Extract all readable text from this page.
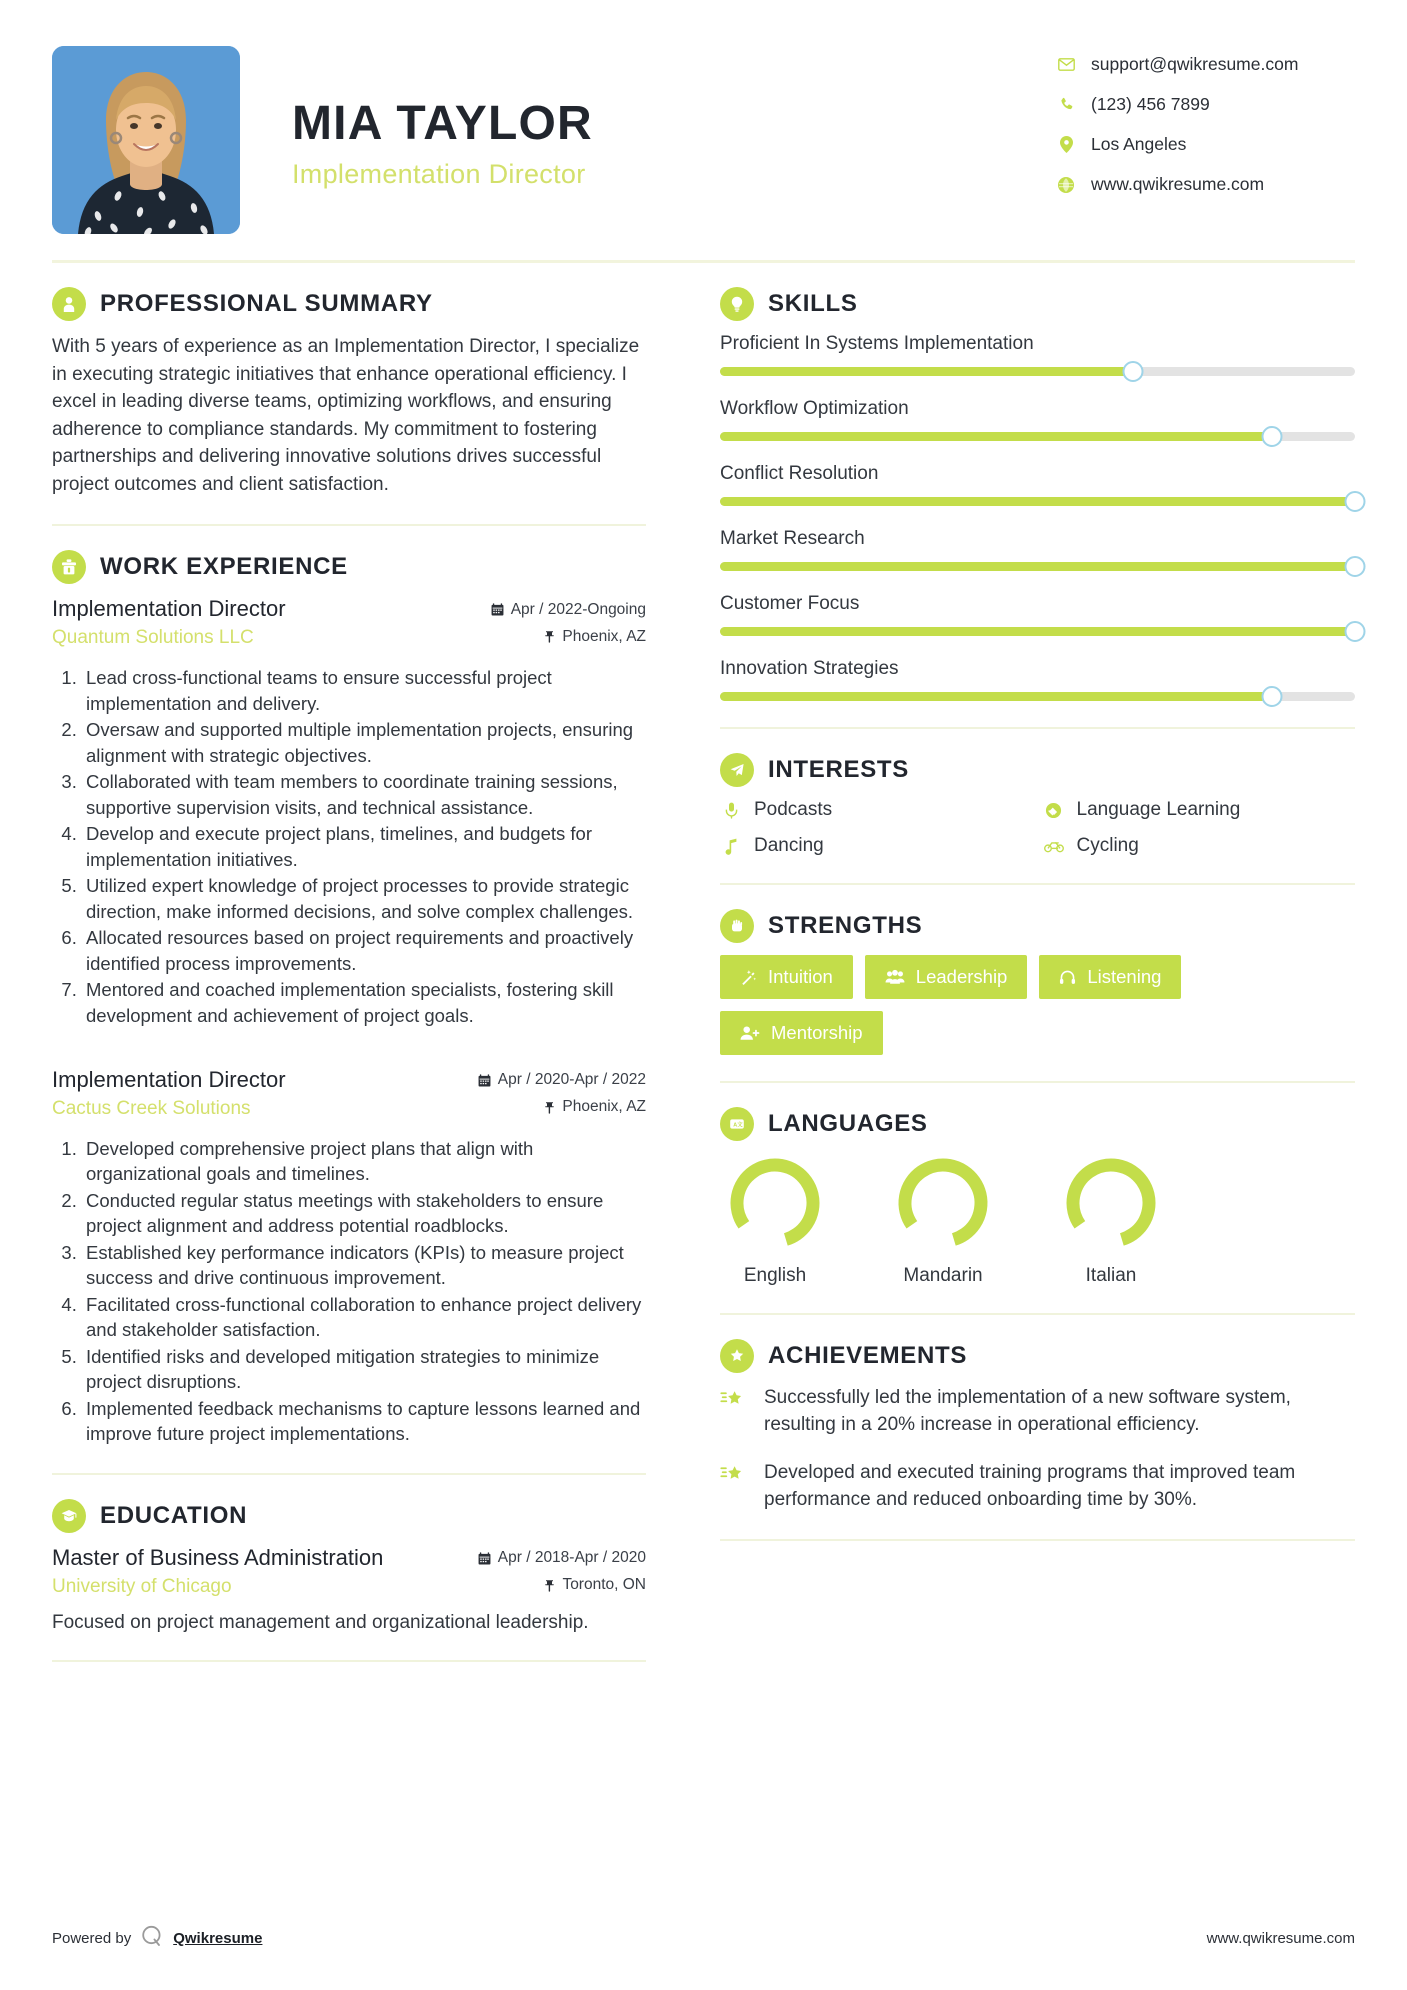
MIA TAYLOR
Implementation Director
support@qwikresume.com
(123) 456 7899
Los Angeles
www.qwikresume.com
PROFESSIONAL SUMMARY

With 5 years of experience as an Implementation Director, I specialize in executing strategic initiatives that enhance operational efficiency. I excel in leading diverse teams, optimizing workflows, and ensuring adherence to compliance standards. My commitment to fostering partnerships and delivering innovative solutions drives successful project outcomes and client satisfaction.

WORK EXPERIENCE
Implementation Director	Apr / 2022-Ongoing
Quantum Solutions LLC	Phoenix, AZ
1. Lead cross-functional teams to ensure successful project implementation and delivery.
2. Oversaw and supported multiple implementation projects, ensuring alignment with strategic objectives.
3. Collaborated with team members to coordinate training sessions, supportive supervision visits, and technical assistance.
4. Develop and execute project plans, timelines, and budgets for implementation initiatives.
5. Utilized expert knowledge of project processes to provide strategic direction, make informed decisions, and solve complex challenges.
6. Allocated resources based on project requirements and proactively identified process improvements.
7. Mentored and coached implementation specialists, fostering skill development and achievement of project goals.
Implementation Director	Apr / 2020-Apr / 2022
Cactus Creek Solutions	Phoenix, AZ
1. Developed comprehensive project plans that align with organizational goals and timelines.
2. Conducted regular status meetings with stakeholders to ensure project alignment and address potential roadblocks.
3. Established key performance indicators (KPIs) to measure project success and drive continuous improvement.
4. Facilitated cross-functional collaboration to enhance project delivery and stakeholder satisfaction.
5. Identified risks and developed mitigation strategies to minimize project disruptions.
6. Implemented feedback mechanisms to capture lessons learned and improve future project implementations.
EDUCATION
Master of Business Administration	Apr / 2018-Apr / 2020
University of Chicago	Toronto, ON
Focused on project management and organizational leadership.
SKILLS
Proficient In Systems Implementation
Workflow Optimization
Conflict Resolution
Market Research
Customer Focus
Innovation Strategies
INTERESTS
Podcasts	Language Learning
Dancing	Cycling
STRENGTHS
Intuition	Leadership	Listening
Mentorship
A 文 LANGUAGES
English	Mandarin	Italian
ACHIEVEMENTS
Successfully led the implementation of a new software system, resulting in a 20% increase in operational efficiency.
Developed and executed training programs that improved team performance and reduced onboarding time by 30%.
Powered by	Qwikresume	www.qwikresume.com
